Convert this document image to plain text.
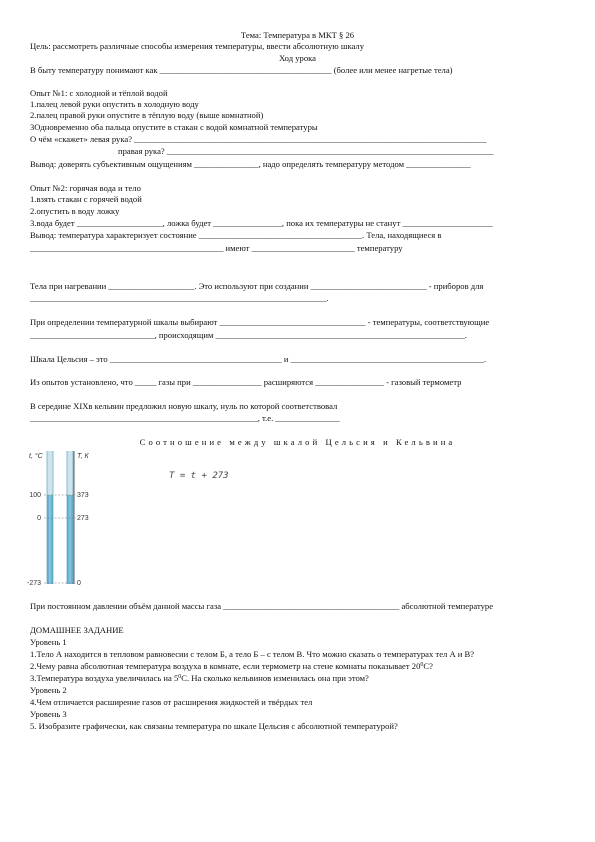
Тема: Температура в МКТ § 26
Цель: рассмотреть различные способы измерения температуры, ввести абсолютную шкалу
Ход урока
В быту температуру понимают как ________________________________________ (более или менее нагретые тела)
Опыт №1: с холодной и тёплой водой
1.палец левой руки опустить в холодную воду
2.палец правой руки опустите в тёплую воду (выше комнатной)
3Одновременно оба пальца опустите в стакан с водой комнатной температуры
О чём «скажет» левая рука? __________________________________________________________________________________
правая рука? ____________________________________________________________________________
Вывод: доверять субъективным ощущениям _______________, надо определять температуру методом _______________
Опыт №2: горячая вода и тело
1.взять стакан с горячей водой
2.опустить в воду ложку
3.вода будет ____________________, ложка будет ________________, пока их температуры не станут _____________________
Вывод: температура характеризует состояние ______________________________________. Тела, находящиеся в
_____________________________________________ имеют ________________________ температуру
Тела при нагревании ____________________. Это используют при создании ___________________________ - приборов для
_____________________________________________________________________.
При определении температурной шкалы выбирают __________________________________ - температуры, соответствующие
_____________________________, происходящим __________________________________________________________.
Шкала Цельсия – это ________________________________________ и _____________________________________________.
Из опытов установлено, что _____ газы при ________________ расширяются ________________ - газовый термометр
В середине XIXв кельвин предложил новую шкалу, нуль по которой соответствовал
_____________________________________________________, т.е. _______________
Соотношение между шкалой Цельсия и Кельвина
t, °C	T, К
T = t + 273
100
0
-273
373
273
0
При постоянном давлении объём данной массы газа _________________________________________ абсолютной температуре
ДОМАШНЕЕ ЗАДАНИЕ
Уровень 1
1.Тело А находится в тепловом равновесии с телом Б, а тело Б – с телом В. Что можно сказать о температурах тел А и В?
2.Чему равна абсолютная температура воздуха в комнате, если термометр на стене комнаты показывает $20^0С$?
3.Температура воздуха увеличилась на $5^0С$. На сколько кельвинов изменилась она при этом?
Уровень 2
4.Чем отличается расширение газов от расширения жидкостей и твёрдых тел
Уровень 3
5. Изобразите графически, как связаны температура по шкале Цельсия с абсолютной температурой?
